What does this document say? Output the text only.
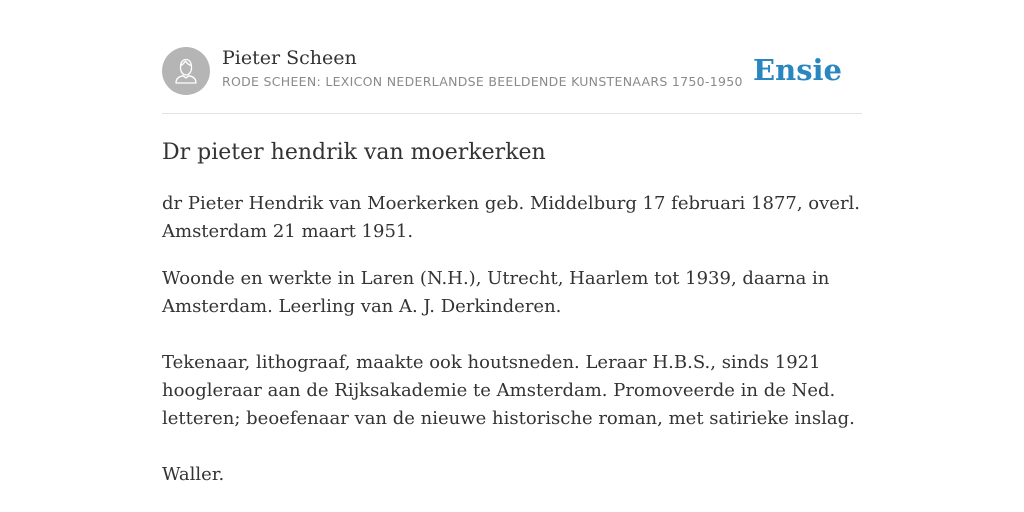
Pieter Scheen
RODE SCHEEN: LEXICON NEDERLANDSE BEELDENDE KUNSTENAARS 1750-1950 Ensie
Dr pieter hendrik van moerkerken

dr Pieter Hendrik van Moerkerken geb. Middelburg 17 februari 1877, overl.
Amsterdam 21 maart 1951.

Woonde en werkte in Laren (N.H.), Utrecht, Haarlem tot 1939, daarna in
Amsterdam. Leerling van A. J. Derkinderen.

Tekenaar, lithograaf, maakte ook houtsneden. Leraar H.B.S., sinds 1921
hoogleraar aan de Rijksakademie te Amsterdam. Promoveerde in de Ned.
letteren; beoefenaar van de nieuwe historische roman, met satirieke inslag.

Waller.
